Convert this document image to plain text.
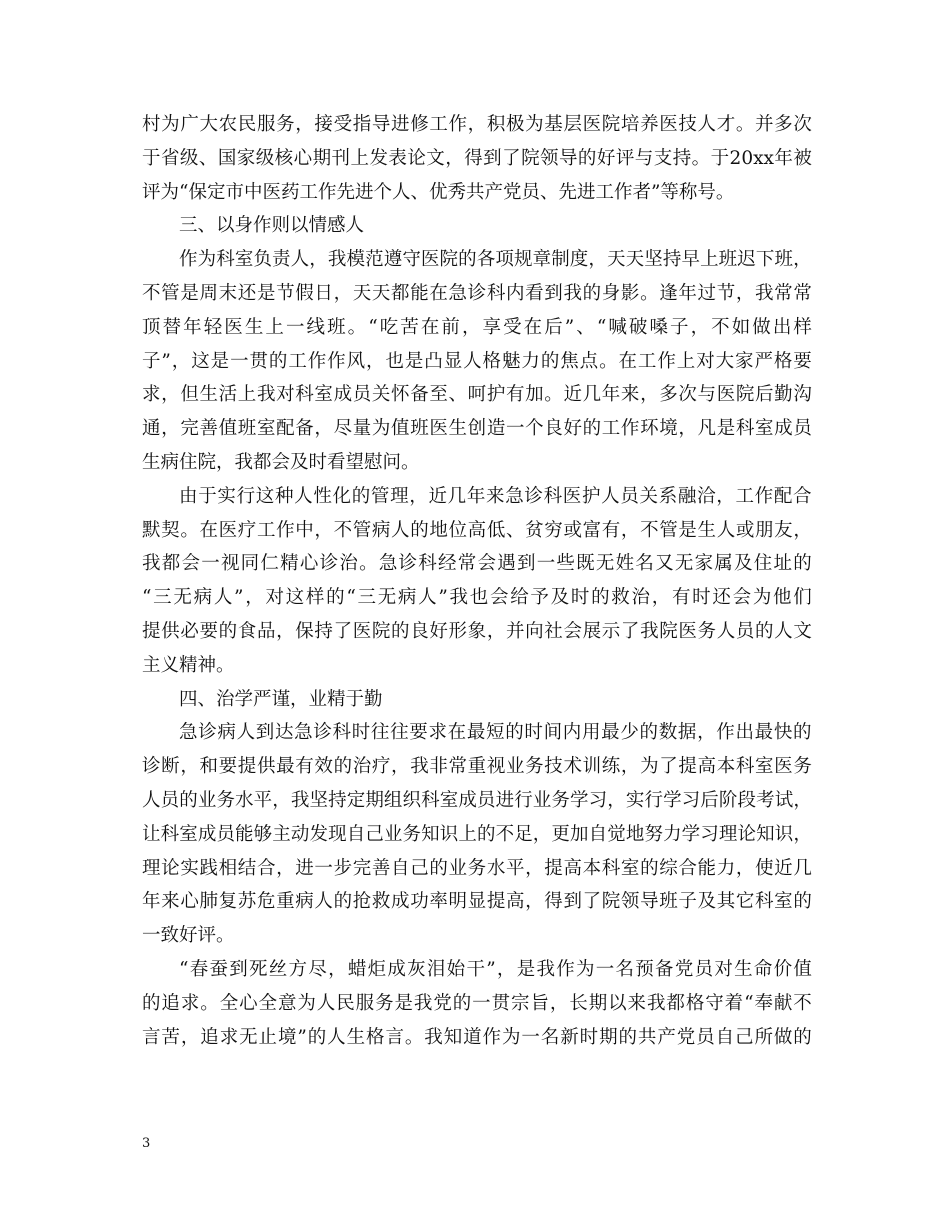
村 为 广 大 农 民 服 务 ， 接 受 指 导 进 修 工 作 ， 积 极 为 基 层 医 院 培 养 医 技 人 才 。 并 多 次
于 省 级 、 国 家 级 核 心 期 刊 上 发 表 论 文 ， 得 到 了 院 领 导 的 好 评 与 支 持 。 于 20xx 年 被
评为“保定市中医药工作先进个人、优秀共产党员、先进工作者”等称号。
三、以身作则以情感人
作 为 科 室 负 责 人 ， 我 模 范 遵 守 医 院 的 各 项 规 章 制 度 ， 天 天 坚 持 早 上 班 迟 下 班 ，
不 管 是 周 末 还 是 节 假 日 ， 天 天 都 能 在 急 诊 科 内 看 到 我 的 身 影 。 逢 年 过 节 ， 我 常 常
顶 替 年 轻 医 生 上 一 线 班 。 “ 吃 苦 在 前 ， 享 受 在 后 ” 、 “ 喊 破 嗓 子 ， 不 如 做 出 样
子 ” ， 这 是 一 贯 的 工 作 作 风 ， 也 是 凸 显 人 格 魅 力 的 焦 点 。 在 工 作 上 对 大 家 严 格 要
求 ， 但 生 活 上 我 对 科 室 成 员 关 怀 备 至 、 呵 护 有 加 。 近 几 年 来 ， 多 次 与 医 院 后 勤 沟
通 ， 完 善 值 班 室 配 备 ， 尽 量 为 值 班 医 生 创 造 一 个 良 好 的 工 作 环 境 ， 凡 是 科 室 成 员
生病住院，我都会及时看望慰问。
由 于 实 行 这 种 人 性 化 的 管 理 ， 近 几 年 来 急 诊 科 医 护 人 员 关 系 融 洽 ， 工 作 配 合
默 契 。 在 医 疗 工 作 中 ， 不 管 病 人 的 地 位 高 低 、 贫 穷 或 富 有 ， 不 管 是 生 人 或 朋 友 ，
我 都 会 一 视 同 仁 精 心 诊 治 。 急 诊 科 经 常 会 遇 到 一 些 既 无 姓 名 又 无 家 属 及 住 址 的
“ 三 无 病 人 ” ， 对 这 样 的 “ 三 无 病 人 ” 我 也 会 给 予 及 时 的 救 治 ， 有 时 还 会 为 他 们
提 供 必 要 的 食 品 ， 保 持 了 医 院 的 良 好 形 象 ， 并 向 社 会 展 示 了 我 院 医 务 人 员 的 人 文
主义精神。
四、治学严谨，业精于勤
急 诊 病 人 到 达 急 诊 科 时 往 往 要 求 在 最 短 的 时 间 内 用 最 少 的 数 据 ， 作 出 最 快 的
诊 断 ， 和 要 提 供 最 有 效 的 治 疗 ， 我 非 常 重 视 业 务 技 术 训 练 ， 为 了 提 高 本 科 室 医 务
人 员 的 业 务 水 平 ， 我 坚 持 定 期 组 织 科 室 成 员 进 行 业 务 学 习 ， 实 行 学 习 后 阶 段 考 试 ，
让 科 室 成 员 能 够 主 动 发 现 自 己 业 务 知 识 上 的 不 足 ， 更 加 自 觉 地 努 力 学 习 理 论 知 识 ，
理 论 实 践 相 结 合 ， 进 一 步 完 善 自 己 的 业 务 水 平 ， 提 高 本 科 室 的 综 合 能 力 ， 使 近 几
年 来 心 肺 复 苏 危 重 病 人 的 抢 救 成 功 率 明 显 提 高 ， 得 到 了 院 领 导 班 子 及 其 它 科 室 的
一致好评。
“ 春 蚕 到 死 丝 方 尽 ， 蜡 炬 成 灰 泪 始 干 ” ， 是 我 作 为 一 名 预 备 党 员 对 生 命 价 值
的 追 求 。 全 心 全 意 为 人 民 服 务 是 我 党 的 一 贯 宗 旨 ， 长 期 以 来 我 都 格 守 着 “ 奉 献 不
言 苦 ， 追 求 无 止 境 ” 的 人 生 格 言 。 我 知 道 作 为 一 名 新 时 期 的 共 产 党 员 自 己 所 做 的
3
